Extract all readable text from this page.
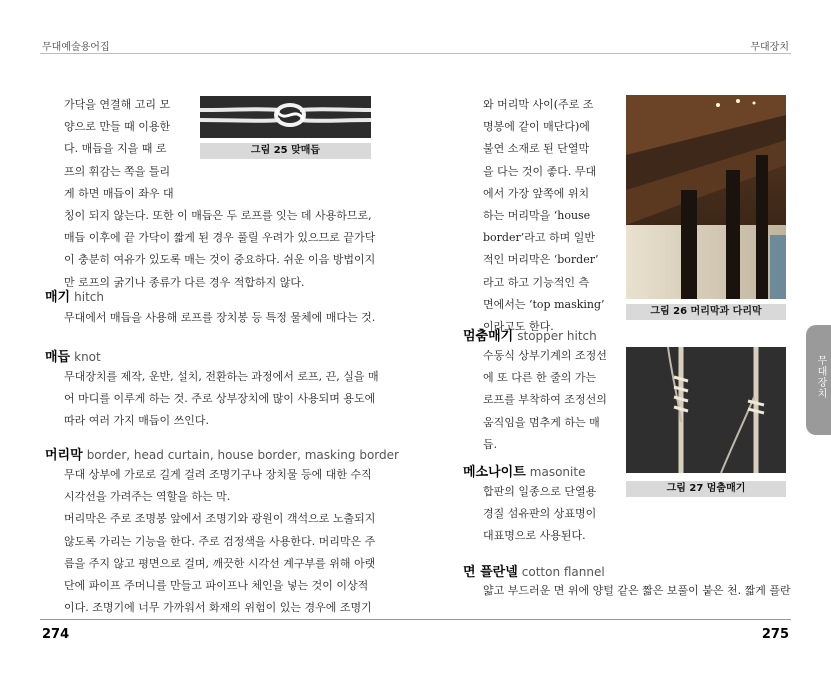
무대예술용어집	무대장치
그림 25 맞매듭

가닥을 연결해 고리 모

양으로 만들 때 이용한

다. 매듭을 지을 때 로

프의 휘감는 쪽을 틀리

게 하면 매듭이 좌우 대

칭이 되지 않는다. 또한 이 매듭은 두 로프를 잇는 데 사용하므로,

매듭 이후에 끝 가닥이 짧게 된 경우 풀릴 우려가 있으므로 끝가닥

이 충분히 여유가 있도록 매는 것이 중요하다. 쉬운 이음 방법이지

만 로프의 굵기나 종류가 다른 경우 적합하지 않다.

매기 hitch

무대에서 매듭을 사용해 로프를 장치봉 등 특정 물체에 매다는 것.

매듭 knot

무대장치를 제작, 운반, 설치, 전환하는 과정에서 로프, 끈, 실을 매

어 마디를 이루게 하는 것. 주로 상부장치에 많이 사용되며 용도에

따라 여러 가지 매듭이 쓰인다.

머리막 border, head curtain, house border, masking border

무대 상부에 가로로 길게 걸려 조명기구나 장치물 등에 대한 수직

시각선을 가려주는 역할을 하는 막.

머리막은 주로 조명봉 앞에서 조명기와 광원이 객석으로 노출되지

않도록 가리는 기능을 한다. 주로 검정색을 사용한다. 머리막은 주

름을 주지 않고 평면으로 걸며, 깨끗한 시각선 계구부를 위해 아랫

단에 파이프 주머니를 만들고 파이프나 체인을 넣는 것이 이상적

이다. 조명기에 너무 가까워서 화재의 위험이 있는 경우에 조명기

와 머리막 사이(주로 조

명봉에 같이 매단다)에

불연 소재로 된 단열막

을 다는 것이 좋다. 무대

에서 가장 앞쪽에 위치

하는 머리막을 ‘house

border’라고 하며 일반

적인 머리막은 ‘border’

라고 하고 기능적인 측

면에서는 ‘top masking’

이라고도 한다.

그림 26 머리막과 다리막
멈춤매기 stopper hitch

수동식 상부기계의 조정선

에 또 다른 한 줄의 가는

로프를 부착하여 조정선의

움직임을 멈추게 하는 매

듭.

그림 27 멈춤매기
메소나이트 masonite

합판의 일종으로 단열용

경질 섬유판의 상표명이

대표명으로 사용된다.

면 플란넬 cotton flannel

얇고 부드러운 면 위에 양털 같은 짧은 보풀이 붙은 천. 짧게 플란

무대장치
274	275
